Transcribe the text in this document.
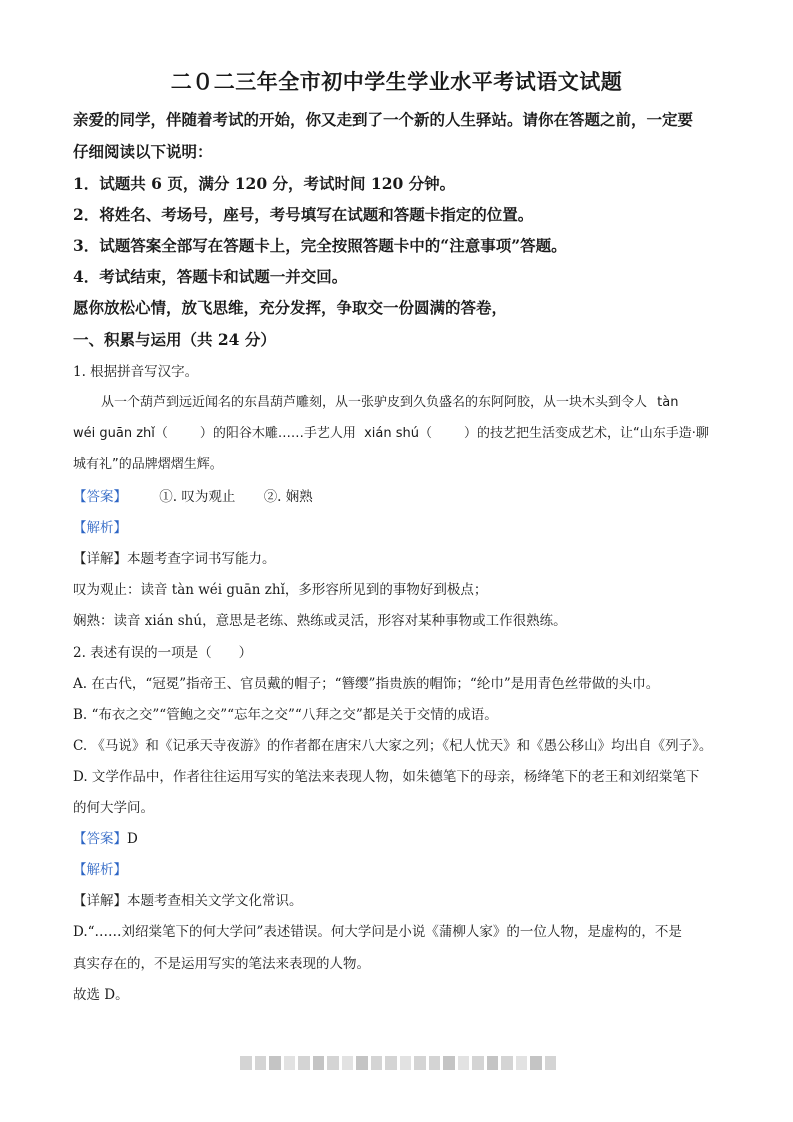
二０二三年全市初中学生学业水平考试语文试题
亲爱的同学，伴随着考试的开始，你又走到了一个新的人生驿站。请你在答题之前，一定要
仔细阅读以下说明：
1．试题共 6 页，满分 120 分，考试时间 120 分钟。
2．将姓名、考场号，座号，考号填写在试题和答题卡指定的位置。
3．试题答案全部写在答题卡上，完全按照答题卡中的“注意事项”答题。
4．考试结束，答题卡和试题一并交回。
愿你放松心情，放飞思维，充分发挥，争取交一份圆满的答卷，
一、积累与运用（共 24 分）
1. 根据拼音写汉字。
从一个葫芦到远近闻名的东昌葫芦雕刻，从一张驴皮到久负盛名的东阿阿胶，从一块木头到令人 tàn
wéi guān zhǐ（ ）的阳谷木雕……手艺人用 xián shú（ ）的技艺把生活变成艺术，让“山东手造·聊
城有礼”的品牌熠熠生辉。
【答案】 ①. 叹为观止 ②. 娴熟
【解析】
【详解】本题考查字词书写能力。
叹为观止：读音 tàn wéi guān zhǐ，多形容所见到的事物好到极点；
娴熟：读音 xián shú，意思是老练、熟练或灵活，形容对某种事物或工作很熟练。
2. 表述有误的一项是（　　）
A. 在古代，“冠冕”指帝王、官员戴的帽子；“簪缨”指贵族的帽饰；“纶巾”是用青色丝带做的头巾。
B. “布衣之交”“管鲍之交”“忘年之交”“八拜之交”都是关于交情的成语。
C. 《马说》和《记承天寺夜游》的作者都在唐宋八大家之列；《杞人忧天》和《愚公移山》均出自《列子》。
D. 文学作品中，作者往往运用写实的笔法来表现人物，如朱德笔下的母亲，杨绛笔下的老王和刘绍棠笔下
的何大学问。
【答案】D
【解析】
【详解】本题考查相关文学文化常识。
D.“……刘绍棠笔下的何大学问”表述错误。何大学问是小说《蒲柳人家》的一位人物，是虚构的，不是
真实存在的，不是运用写实的笔法来表现的人物。
故选 D。
